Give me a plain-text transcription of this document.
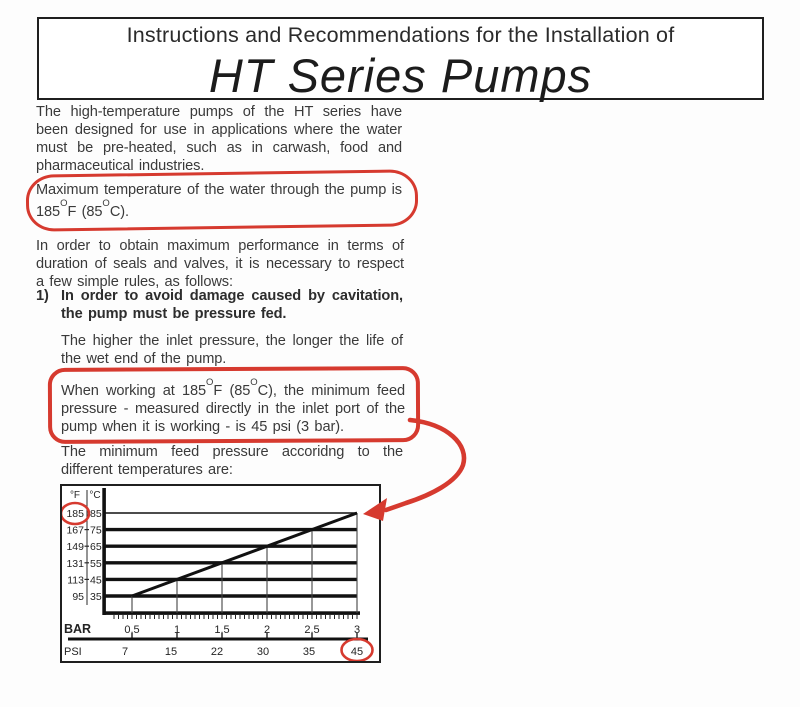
Instructions and Recommendations for the Installation of
HT Series Pumps
The high-temperature pumps of the HT series have been designed for use in applications where the water must be pre-heated, such as in carwash, food and pharmaceutical industries.
Maximum temperature of the water through the pump is $185^OF$ $(85^OC)$.
In order to obtain maximum performance in terms of duration of seals and valves, it is necessary to respect a few simple rules, as follows:
1) In order to avoid damage caused by cavitation, the pump must be pressure fed.
The higher the inlet pressure, the longer the life of the wet end of the pump.
When working at $185^OF$ $(85^OC)$, the minimum feed pressure - measured directly in the inlet port of the pump when it is working - is 45 psi (3 bar).
The minimum feed pressure accoridng to the different temperatures are:
°F °C
185
167
149
131
113
95
85
75
65
55
45
35
BAR	0,5	1	1.5	2	2.5	3
PSI	7	15	22	30	35	45
